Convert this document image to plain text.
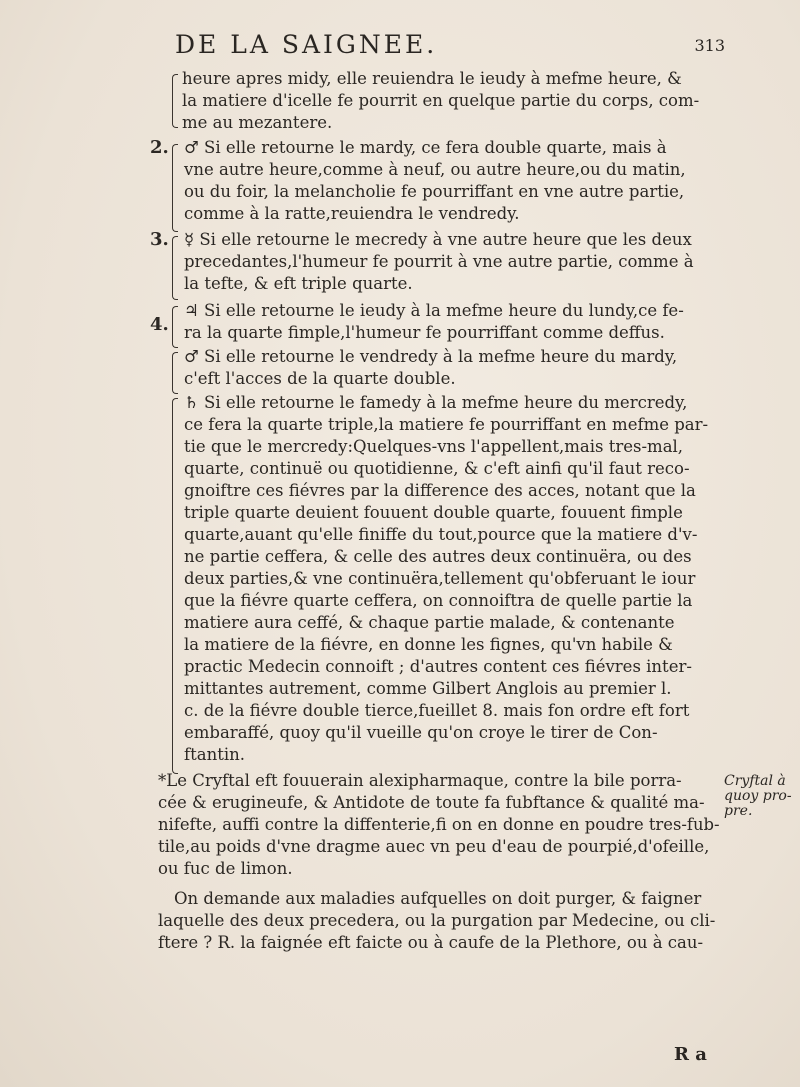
DE LA SAIGNEE.	313
heure apres midy, elle reuiendra le ieudy à mefme heure, &
la matiere d'icelle fe pourrit en quelque partie du corps, com-
me au mezantere.
2. ♂ Si elle retourne le mardy, ce fera double quarte, mais à
vne autre heure,comme à neuf, ou autre heure,ou du matin,
ou du foir, la melancholie fe pourriffant en vne autre partie,
comme à la ratte,reuiendra le vendredy.
3. ☿ Si elle retourne le mecredy à vne autre heure que les deux
precedantes,l'humeur fe pourrit à vne autre partie, comme à
la tefte, & eft triple quarte.
4.
♃ Si elle retourne le ieudy à la mefme heure du lundy,ce fe-
ra la quarte fimple,l'humeur fe pourriffant comme deffus.
♂ Si elle retourne le vendredy à la mefme heure du mardy,
c'eft l'acces de la quarte double.
♄ Si elle retourne le famedy à la mefme heure du mercredy,
ce fera la quarte triple,la matiere fe pourriffant en mefme par-
tie que le mercredy:Quelques-vns l'appellent,mais tres-mal,
quarte, continuë ou quotidienne, & c'eft ainfi qu'il faut reco-
gnoiftre ces fiévres par la difference des acces, notant que la
triple quarte deuient fouuent double quarte, fouuent fimple
quarte,auant qu'elle finiffe du tout,pource que la matiere d'v-
ne partie ceffera, & celle des autres deux continuëra, ou des
deux parties,& vne continuëra,tellement qu'obferuant le iour
que la fiévre quarte ceffera, on connoiftra de quelle partie la
matiere aura ceffé, & chaque partie malade, & contenante
la matiere de la fiévre, en donne les fignes, qu'vn habile &
practic Medecin connoift ; d'autres content ces fiévres inter-
mittantes autrement, comme Gilbert Anglois au premier l.
c. de la fiévre double tierce,fueillet 8. mais fon ordre eft fort
embaraffé, quoy qu'il vueille qu'on croye le tirer de Con-
ftantin.
*Le Cryftal eft fouuerain alexipharmaque, contre la bile porra-
cée & erugineufe, & Antidote de toute fa fubftance & qualité ma-
nifefte, auffi contre la diffenterie,fi on en donne en poudre tres-fub-
tile,au poids d'vne dragme auec vn peu d'eau de pourpié,d'ofeille,
ou fuc de limon.
Cryftal à
quoy pro-
pre.
On demande aux maladies aufquelles on doit purger, & faigner
laquelle des deux precedera, ou la purgation par Medecine, ou cli-
ftere ? R. la faignée eft faicte ou à caufe de la Plethore, ou à cau-
R a
